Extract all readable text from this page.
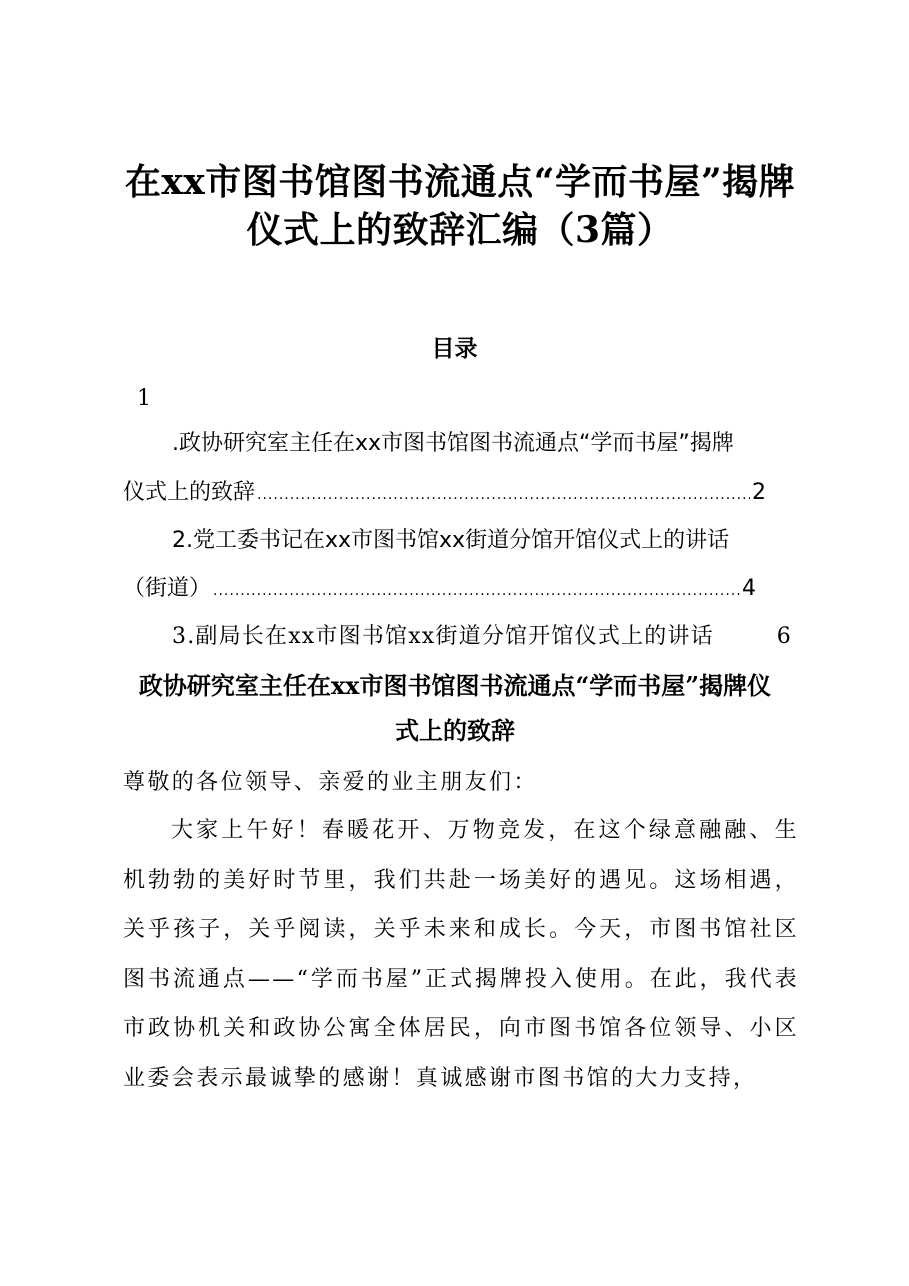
在xx市图书馆图书流通点“学而书屋”揭牌
仪式上的致辞汇编（3篇）
目录
1
.政协研究室主任在xx市图书馆图书流通点“学而书屋”揭牌
仪式上的致辞 .....	2
2.党工委书记在xx市图书馆xx街道分馆开馆仪式上的讲话
（街道） .....	4
3.副局长在xx市图书馆xx街道分馆开馆仪式上的讲话	6
政协研究室主任在xx市图书馆图书流通点“学而书屋”揭牌仪
式上的致辞
尊敬的各位领导、亲爱的业主朋友们：
大家上午好！春暖花开、万物竞发，在这个绿意融融、生机勃勃的美好时节里，我们共赴一场美好的遇见。这场相遇，关乎孩子，关乎阅读，关乎未来和成长。今天，市图书馆社区图书流通点——“学而书屋”正式揭牌投入使用。在此，我代表市政协机关和政协公寓全体居民，向市图书馆各位领导、小区业委会表示最诚挚的感谢！真诚感谢市图书馆的大力支持，
